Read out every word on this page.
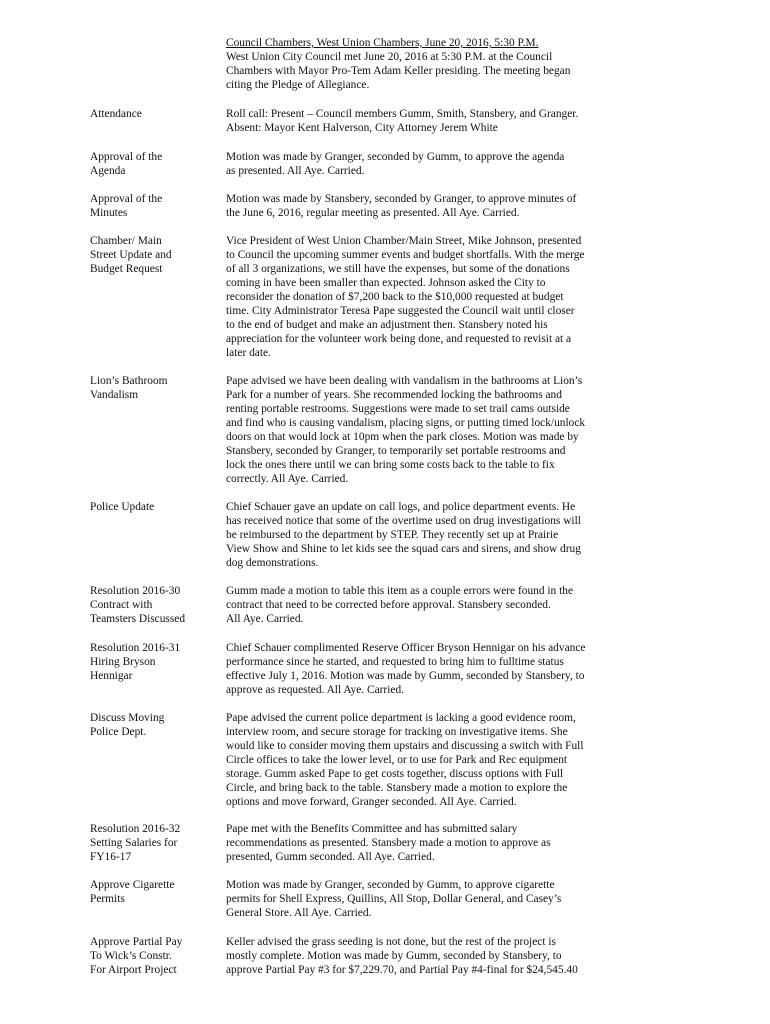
Council Chambers, West Union Chambers, June 20, 2016, 5:30 P.M.
West Union City Council met June 20, 2016 at 5:30 P.M. at the Council
Chambers with Mayor Pro-Tem Adam Keller presiding. The meeting began
citing the Pledge of Allegiance.
Attendance	Roll call: Present – Council members Gumm, Smith, Stansbery, and Granger.
Absent: Mayor Kent Halverson, City Attorney Jerem White
Approval of the
Agenda
Motion was made by Granger, seconded by Gumm, to approve the agenda
as presented. All Aye. Carried.
Approval of the
Minutes
Motion was made by Stansbery, seconded by Granger, to approve minutes of
the June 6, 2016, regular meeting as presented. All Aye. Carried.
Chamber/ Main
Street Update and
Budget Request
Vice President of West Union Chamber/Main Street, Mike Johnson, presented
to Council the upcoming summer events and budget shortfalls. With the merge
of all 3 organizations, we still have the expenses, but some of the donations
coming in have been smaller than expected. Johnson asked the City to
reconsider the donation of $7,200 back to the $10,000 requested at budget
time. City Administrator Teresa Pape suggested the Council wait until closer
to the end of budget and make an adjustment then. Stansbery noted his
appreciation for the volunteer work being done, and requested to revisit at a
later date.
Lion’s Bathroom
Vandalism
Pape advised we have been dealing with vandalism in the bathrooms at Lion’s
Park for a number of years. She recommended locking the bathrooms and
renting portable restrooms. Suggestions were made to set trail cams outside
and find who is causing vandalism, placing signs, or putting timed lock/unlock
doors on that would lock at 10pm when the park closes. Motion was made by
Stansbery, seconded by Granger, to temporarily set portable restrooms and
lock the ones there until we can bring some costs back to the table to fix
correctly. All Aye. Carried.
Police Update	Chief Schauer gave an update on call logs, and police department events. He
has received notice that some of the overtime used on drug investigations will
be reimbursed to the department by STEP. They recently set up at Prairie
View Show and Shine to let kids see the squad cars and sirens, and show drug
dog demonstrations.
Resolution 2016-30
Contract with
Teamsters Discussed
Gumm made a motion to table this item as a couple errors were found in the
contract that need to be corrected before approval. Stansbery seconded.
All Aye. Carried.
Resolution 2016-31
Hiring Bryson
Hennigar
Chief Schauer complimented Reserve Officer Bryson Hennigar on his advance
performance since he started, and requested to bring him to fulltime status
effective July 1, 2016. Motion was made by Gumm, seconded by Stansbery, to
approve as requested. All Aye. Carried.
Discuss Moving
Police Dept.
Pape advised the current police department is lacking a good evidence room,
interview room, and secure storage for tracking on investigative items. She
would like to consider moving them upstairs and discussing a switch with Full
Circle offices to take the lower level, or to use for Park and Rec equipment
storage. Gumm asked Pape to get costs together, discuss options with Full
Circle, and bring back to the table. Stansbery made a motion to explore the
options and move forward, Granger seconded. All Aye. Carried.
Resolution 2016-32
Setting Salaries for
FY16-17
Pape met with the Benefits Committee and has submitted salary
recommendations as presented. Stansbery made a motion to approve as
presented, Gumm seconded. All Aye. Carried.
Approve Cigarette
Permits
Motion was made by Granger, seconded by Gumm, to approve cigarette
permits for Shell Express, Quillins, All Stop, Dollar General, and Casey’s
General Store. All Aye. Carried.
Approve Partial Pay
To Wick’s Constr.
For Airport Project
Keller advised the grass seeding is not done, but the rest of the project is
mostly complete. Motion was made by Gumm, seconded by Stansbery, to
approve Partial Pay #3 for $7,229.70, and Partial Pay #4-final for $24,545.40
